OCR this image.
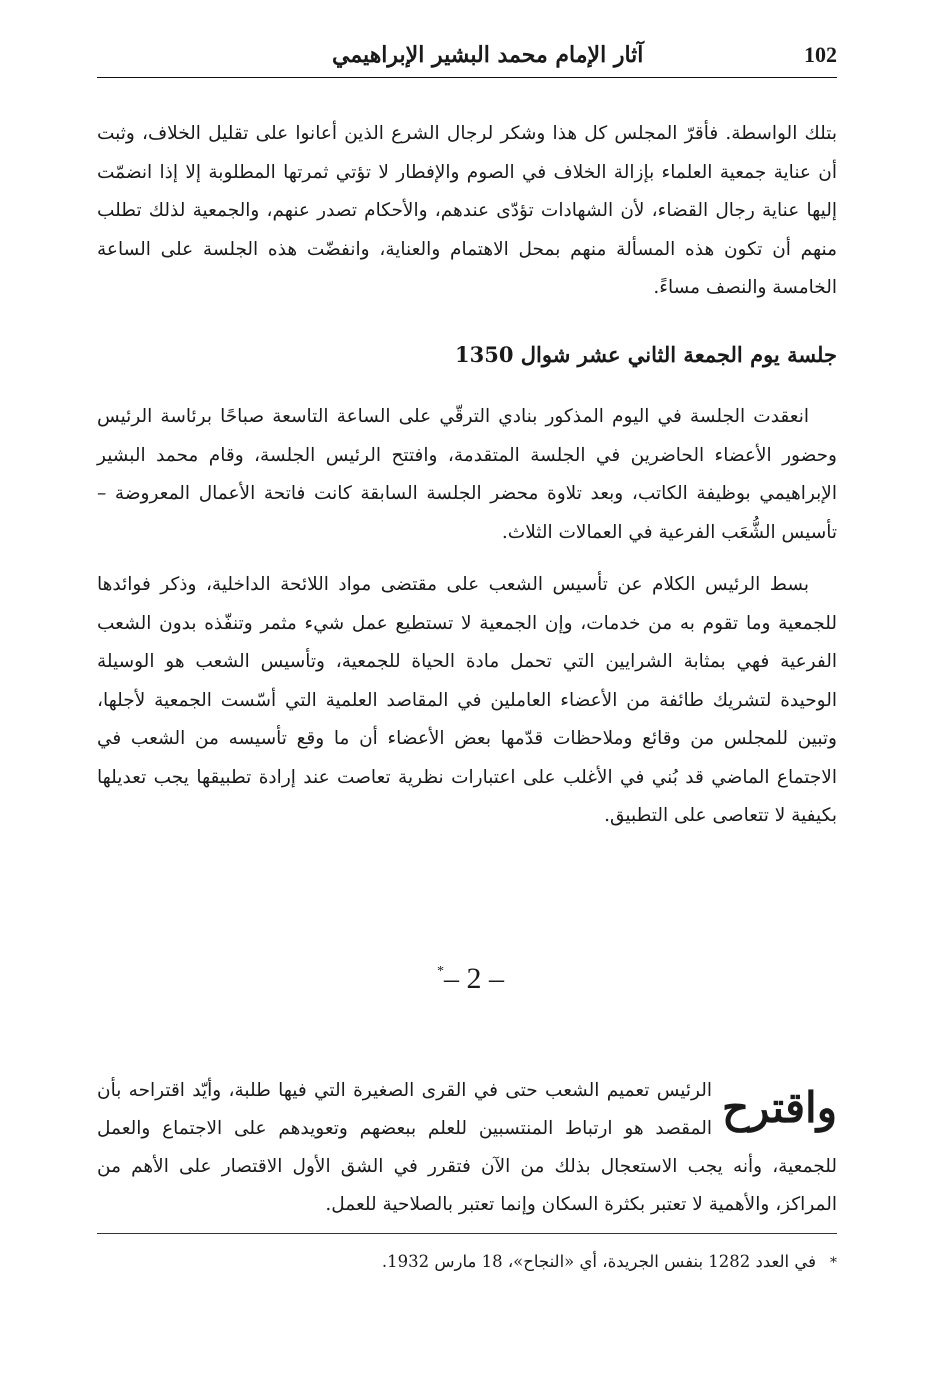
102
آثار الإمام محمد البشير الإبراهيمي

بتلك الواسطة. فأقرّ المجلس كل هذا وشكر لرجال الشرع الذين أعانوا على تقليل الخلاف، وثبت أن عناية جمعية العلماء بإزالة الخلاف في الصوم والإفطار لا تؤتي ثمرتها المطلوبة إلا إذا انضمّت إليها عناية رجال القضاء، لأن الشهادات تؤدّى عندهم، والأحكام تصدر عنهم، والجمعية لذلك تطلب منهم أن تكون هذه المسألة منهم بمحل الاهتمام والعناية، وانفضّت هذه الجلسة على الساعة الخامسة والنصف مساءً.

جلسة يوم الجمعة الثاني عشر شوال 1350

انعقدت الجلسة في اليوم المذكور بنادي الترقّي على الساعة التاسعة صباحًا برئاسة الرئيس وحضور الأعضاء الحاضرين في الجلسة المتقدمة، وافتتح الرئيس الجلسة، وقام محمد البشير الإبراهيمي بوظيفة الكاتب، وبعد تلاوة محضر الجلسة السابقة كانت فاتحة الأعمال المعروضة – تأسيس الشُّعَب الفرعية في العمالات الثلاث.

بسط الرئيس الكلام عن تأسيس الشعب على مقتضى مواد اللائحة الداخلية، وذكر فوائدها للجمعية وما تقوم به من خدمات، وإن الجمعية لا تستطيع عمل شيء مثمر وتنفّذه بدون الشعب الفرعية فهي بمثابة الشرايين التي تحمل مادة الحياة للجمعية، وتأسيس الشعب هو الوسيلة الوحيدة لتشريك طائفة من الأعضاء العاملين في المقاصد العلمية التي أسّست الجمعية لأجلها، وتبين للمجلس من وقائع وملاحظات قدّمها بعض الأعضاء أن ما وقع تأسيسه من الشعب في الاجتماع الماضي قد بُني في الأغلب على اعتبارات نظرية تعاصت عند إرادة تطبيقها يجب تعديلها بكيفية لا تتعاصى على التطبيق.

*– 2 –
واقترح
الرئيس تعميم الشعب حتى في القرى الصغيرة التي فيها طلبة، وأيّد اقتراحه بأن المقصد هو ارتباط المنتسبين للعلم ببعضهم وتعويدهم على الاجتماع والعمل للجمعية، وأنه يجب الاستعجال بذلك من الآن فتقرر في الشق الأول الاقتصار على الأهم من المراكز، والأهمية لا تعتبر بكثرة السكان وإنما تعتبر بالصلاحية للعمل.

*في العدد 1282 بنفس الجريدة، أي «النجاح»، 18 مارس 1932.
